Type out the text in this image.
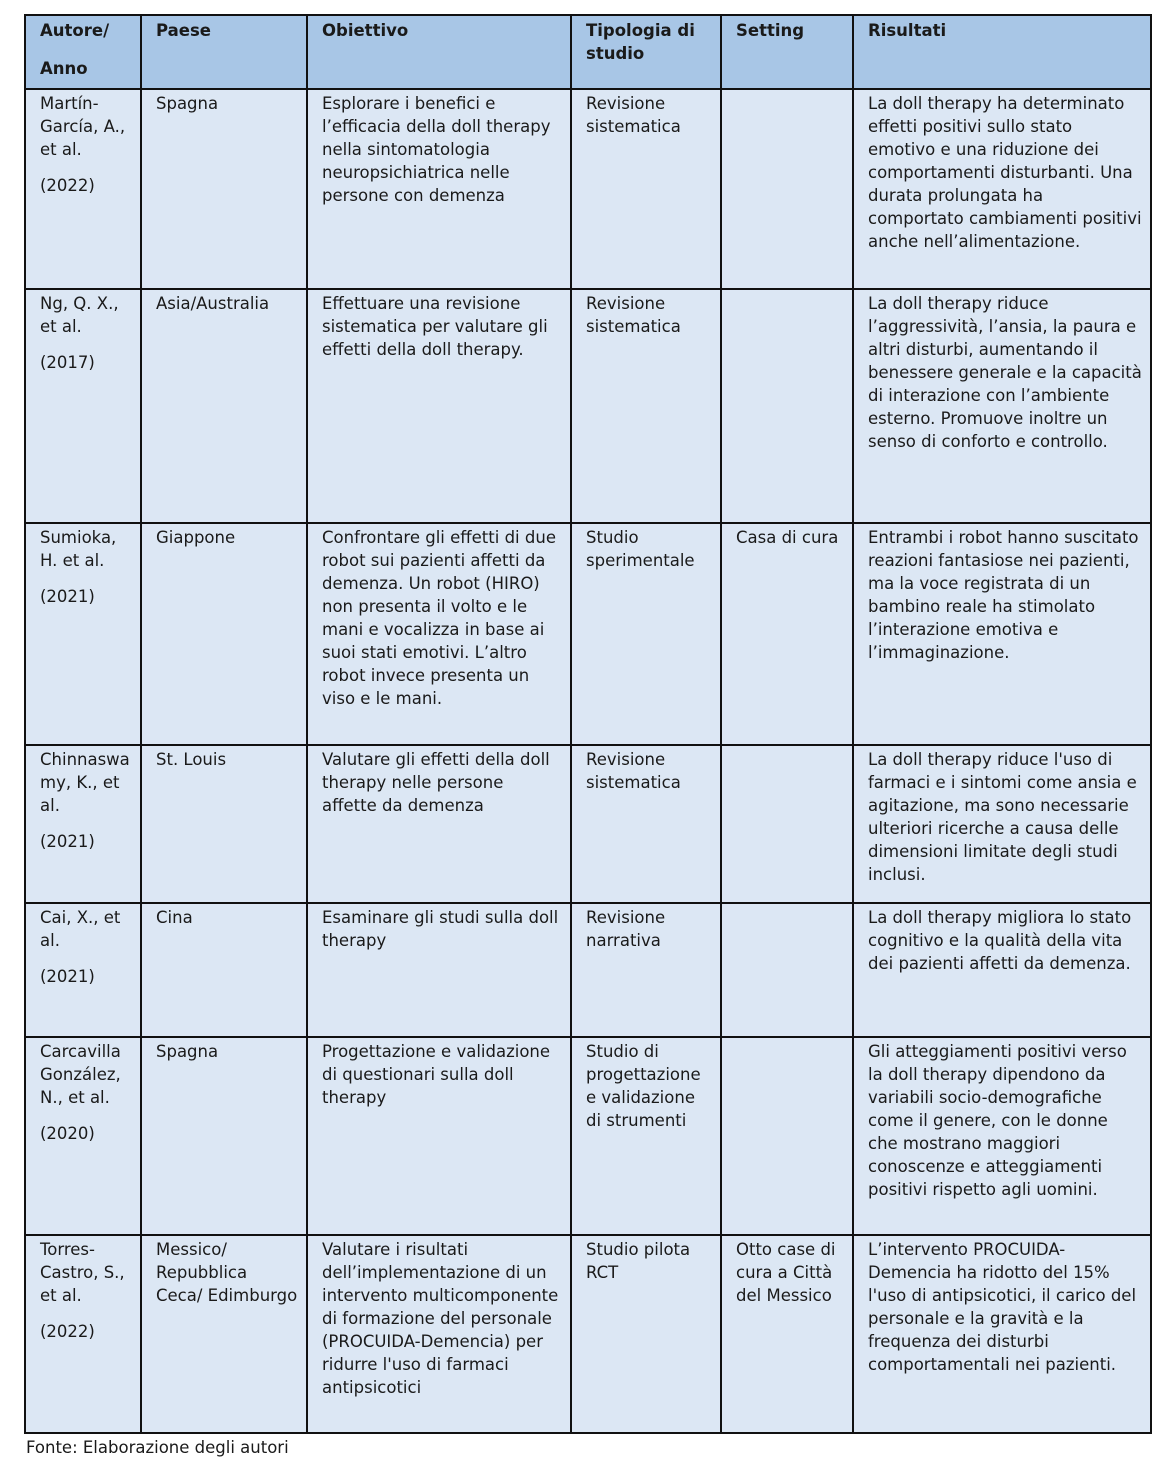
Autore/
Anno	Paese	Obiettivo	Tipologia di studio	Setting	Risultati
Martín-García, A., et al.
(2022)	Spagna	Esplorare i benefici e l’efficacia della doll therapy nella sintomatologia neuropsichiatrica nelle persone con demenza	Revisione sistematica		La doll therapy ha determinato effetti positivi sullo stato emotivo e una riduzione dei comportamenti disturbanti. Una durata prolungata ha comportato cambiamenti positivi anche nell’alimentazione.
Ng, Q. X., et al.
(2017)	Asia/Australia	Effettuare una revisione sistematica per valutare gli effetti della doll therapy.	Revisione sistematica		La doll therapy riduce l’aggressività, l’ansia, la paura e altri disturbi, aumentando il benessere generale e la capacità di interazione con l’ambiente esterno. Promuove inoltre un senso di conforto e controllo.
Sumioka, H. et al.
(2021)	Giappone	Confrontare gli effetti di due robot sui pazienti affetti da demenza. Un robot (HIRO) non presenta il volto e le mani e vocalizza in base ai suoi stati emotivi. L’altro robot invece presenta un viso e le mani.	Studio sperimentale	Casa di cura	Entrambi i robot hanno suscitato reazioni fantasiose nei pazienti, ma la voce registrata di un bambino reale ha stimolato l’interazione emotiva e l’immaginazione.
Chinnaswamy, K., et al.
(2021)	St. Louis	Valutare gli effetti della doll therapy nelle persone affette da demenza	Revisione sistematica		La doll therapy riduce l'uso di farmaci e i sintomi come ansia e agitazione, ma sono necessarie ulteriori ricerche a causa delle dimensioni limitate degli studi inclusi.
Cai, X., et al.
(2021)	Cina	Esaminare gli studi sulla doll therapy	Revisione narrativa		La doll therapy migliora lo stato cognitivo e la qualità della vita dei pazienti affetti da demenza.
Carcavilla González, N., et al.
(2020)	Spagna	Progettazione e validazione di questionari sulla doll therapy	Studio di progettazione e validazione di strumenti		Gli atteggiamenti positivi verso la doll therapy dipendono da variabili socio-demografiche come il genere, con le donne che mostrano maggiori conoscenze e atteggiamenti positivi rispetto agli uomini.
Torres-Castro, S., et al.
(2022)	Messico/ Repubblica Ceca/ Edimburgo	Valutare i risultati dell’implementazione di un intervento multicomponente di formazione del personale (PROCUIDA-Demencia) per ridurre l'uso di farmaci antipsicotici	Studio pilota RCT	Otto case di cura a Città del Messico	L’intervento PROCUIDA-Demencia ha ridotto del 15% l'uso di antipsicotici, il carico del personale e la gravità e la frequenza dei disturbi comportamentali nei pazienti.
Fonte: Elaborazione degli autori
